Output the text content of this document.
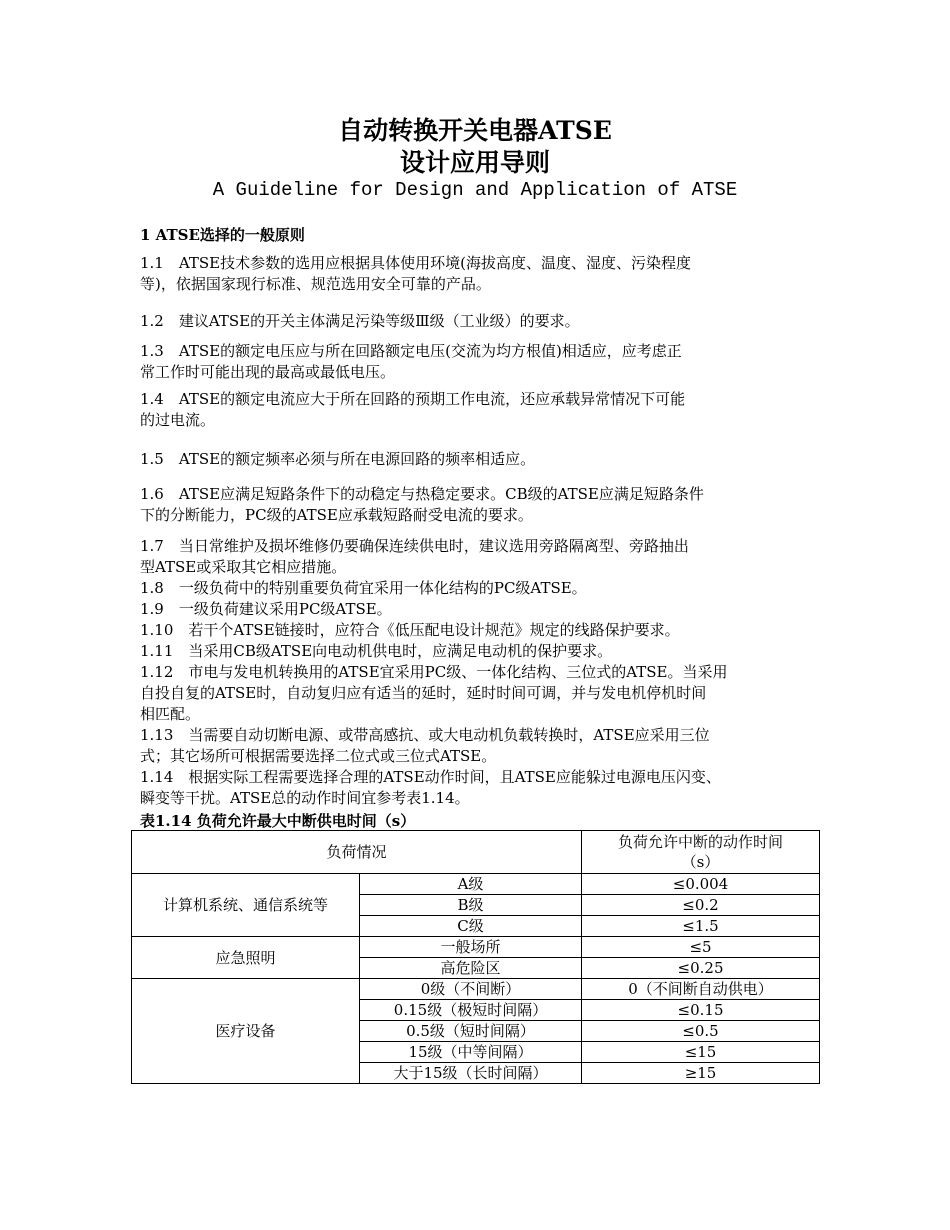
自动转换开关电器ATSE
设计应用导则
A Guideline for Design and Application of ATSE
1 ATSE选择的一般原则
1.1　ATSE技术参数的选用应根据具体使用环境(海拔高度、温度、湿度、污染程度
等)，依据国家现行标准、规范选用安全可靠的产品。
1.2　建议ATSE的开关主体满足污染等级Ⅲ级（工业级）的要求。
1.3　ATSE的额定电压应与所在回路额定电压(交流为均方根值)相适应，应考虑正
常工作时可能出现的最高或最低电压。
1.4　ATSE的额定电流应大于所在回路的预期工作电流，还应承载异常情况下可能
的过电流。
1.5　ATSE的额定频率必须与所在电源回路的频率相适应。
1.6　ATSE应满足短路条件下的动稳定与热稳定要求。CB级的ATSE应满足短路条件
下的分断能力，PC级的ATSE应承载短路耐受电流的要求。
1.7　当日常维护及损坏维修仍要确保连续供电时，建议选用旁路隔离型、旁路抽出
型ATSE或采取其它相应措施。
1.8　一级负荷中的特别重要负荷宜采用一体化结构的PC级ATSE。
1.9　一级负荷建议采用PC级ATSE。
1.10　若干个ATSE链接时，应符合《低压配电设计规范》规定的线路保护要求。
1.11　当采用CB级ATSE向电动机供电时，应满足电动机的保护要求。
1.12　市电与发电机转换用的ATSE宜采用PC级、一体化结构、三位式的ATSE。当采用
自投自复的ATSE时，自动复归应有适当的延时，延时时间可调，并与发电机停机时间
相匹配。
1.13　当需要自动切断电源、或带高感抗、或大电动机负载转换时，ATSE应采用三位
式；其它场所可根据需要选择二位式或三位式ATSE。
1.14　根据实际工程需要选择合理的ATSE动作时间，且ATSE应能躲过电源电压闪变、
瞬变等干扰。ATSE总的动作时间宜参考表1.14。
表1.14 负荷允许最大中断供电时间（s）
负荷情况		负荷允许中断的动作时间
（s）

计算机系统、通信系统等	A级	≤0.004
	B级	≤0.2
	C级	≤1.5
应急照明	一般场所	≤5
	高危险区	≤0.25
医疗设备	0级（不间断）	0（不间断自动供电）
	0.15级（极短时间隔）	≤0.15
	0.5级（短时间隔）	≤0.5
	15级（中等间隔）	≤15
	大于15级（长时间隔）	≥15
